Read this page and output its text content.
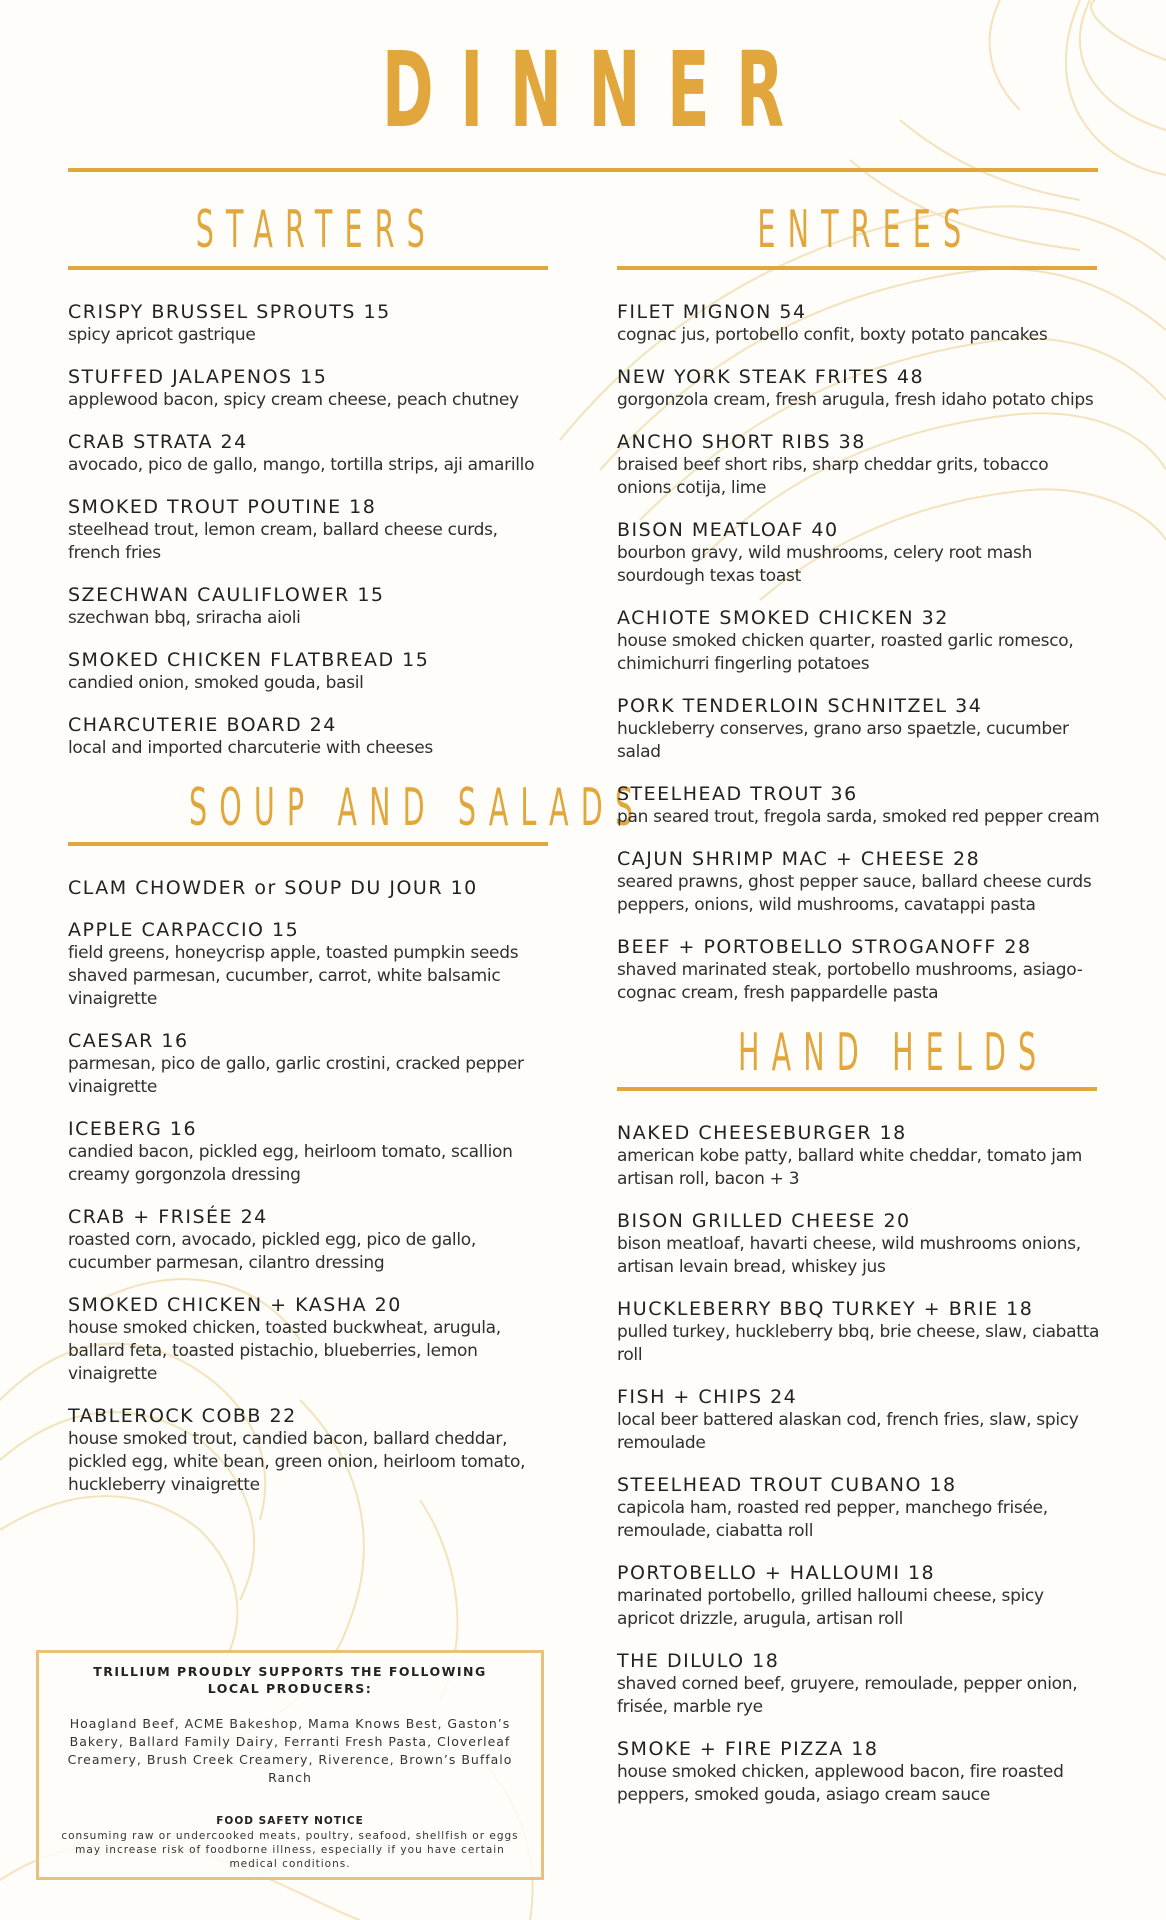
DINNER
STARTERS
CRISPY BRUSSEL SPROUTS 15
spicy apricot gastrique
STUFFED JALAPENOS 15
applewood bacon, spicy cream cheese, peach chutney
CRAB STRATA 24
avocado, pico de gallo, mango, tortilla strips, aji amarillo
SMOKED TROUT POUTINE 18
steelhead trout, lemon cream, ballard cheese curds, french fries
SZECHWAN CAULIFLOWER 15
szechwan bbq, sriracha aioli
SMOKED CHICKEN FLATBREAD 15
candied onion, smoked gouda, basil
CHARCUTERIE BOARD 24
local and imported charcuterie with cheeses
SOUP AND SALADS
CLAM CHOWDER or SOUP DU JOUR 10
APPLE CARPACCIO 15
field greens, honeycrisp apple, toasted pumpkin seeds shaved parmesan, cucumber, carrot, white balsamic vinaigrette
CAESAR 16
parmesan, pico de gallo, garlic crostini, cracked pepper vinaigrette
ICEBERG 16
candied bacon, pickled egg, heirloom tomato, scallion creamy gorgonzola dressing
CRAB + FRISÉE 24
roasted corn, avocado, pickled egg, pico de gallo, cucumber parmesan, cilantro dressing
SMOKED CHICKEN + KASHA 20
house smoked chicken, toasted buckwheat, arugula, ballard feta, toasted pistachio, blueberries, lemon vinaigrette
TABLEROCK COBB 22
house smoked trout, candied bacon, ballard cheddar, pickled egg, white bean, green onion, heirloom tomato, huckleberry vinaigrette
ENTREES
FILET MIGNON 54
cognac jus, portobello confit, boxty potato pancakes
NEW YORK STEAK FRITES 48
gorgonzola cream, fresh arugula, fresh idaho potato chips
ANCHO SHORT RIBS 38
braised beef short ribs, sharp cheddar grits, tobacco onions cotija, lime
BISON MEATLOAF 40
bourbon gravy, wild mushrooms, celery root mash sourdough texas toast
ACHIOTE SMOKED CHICKEN 32
house smoked chicken quarter, roasted garlic romesco, chimichurri fingerling potatoes
PORK TENDERLOIN SCHNITZEL 34
huckleberry conserves, grano arso spaetzle, cucumber salad
STEELHEAD TROUT 36
pan seared trout, fregola sarda, smoked red pepper cream
CAJUN SHRIMP MAC + CHEESE 28
seared prawns, ghost pepper sauce, ballard cheese curds peppers, onions, wild mushrooms, cavatappi pasta
BEEF + PORTOBELLO STROGANOFF 28
shaved marinated steak, portobello mushrooms, asiago-cognac cream, fresh pappardelle pasta
HAND HELDS
NAKED CHEESEBURGER 18
american kobe patty, ballard white cheddar, tomato jam artisan roll, bacon + 3
BISON GRILLED CHEESE 20
bison meatloaf, havarti cheese, wild mushrooms onions, artisan levain bread, whiskey jus
HUCKLEBERRY BBQ TURKEY + BRIE 18
pulled turkey, huckleberry bbq, brie cheese, slaw, ciabatta roll
FISH + CHIPS 24
local beer battered alaskan cod, french fries, slaw, spicy remoulade
STEELHEAD TROUT CUBANO 18
capicola ham, roasted red pepper, manchego frisée, remoulade, ciabatta roll
PORTOBELLO + HALLOUMI 18
marinated portobello, grilled halloumi cheese, spicy apricot drizzle, arugula, artisan roll
THE DILULO 18
shaved corned beef, gruyere, remoulade, pepper onion, frisée, marble rye
SMOKE + FIRE PIZZA 18
house smoked chicken, applewood bacon, fire roasted peppers, smoked gouda, asiago cream sauce
TRILLIUM PROUDLY SUPPORTS THE FOLLOWING LOCAL PRODUCERS:
Hoagland Beef, ACME Bakeshop, Mama Knows Best, Gaston’s Bakery, Ballard Family Dairy, Ferranti Fresh Pasta, Cloverleaf Creamery, Brush Creek Creamery, Riverence, Brown’s Buffalo Ranch
FOOD SAFETY NOTICE
consuming raw or undercooked meats, poultry, seafood, shellfish or eggs may increase risk of foodborne illness, especially if you have certain medical conditions.
